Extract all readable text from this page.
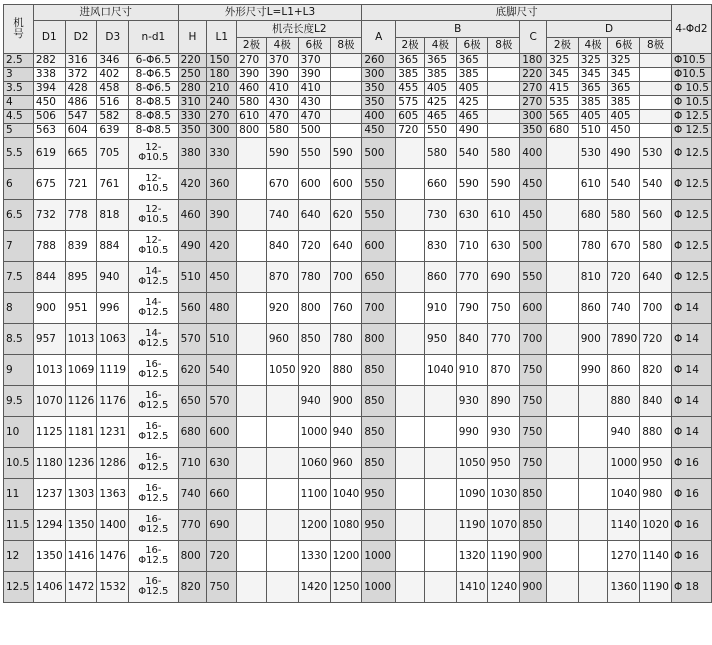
机
号	进风口尺寸				外形尺寸L=L1+L3						底脚尺寸										4-Φd2
	D1	D2	D3	n-d1	H	L1	机壳长度L2				A	B				C	D				
							2极	4极	6极	8极		2极	4极	6极	8极		2极	4极	6极	8极	
2.5	282	316	346	6-Φ6.5	220	150	270	370	370		260	365	365	365		180	325	325	325		Φ10.5
3	338	372	402	8-Φ6.5	250	180	390	390	390		300	385	385	385		220	345	345	345		Φ10.5
3.5	394	428	458	8-Φ6.5	280	210	460	410	410		350	455	405	405		270	415	365	365		Φ 10.5
4	450	486	516	8-Φ8.5	310	240	580	430	430		350	575	425	425		270	535	385	385		Φ 10.5
4.5	506	547	582	8-Φ8.5	330	270	610	470	470		400	605	465	465		300	565	405	405		Φ 12.5
5	563	604	639	8-Φ8.5	350	300	800	580	500		450	720	550	490		350	680	510	450		Φ 12.5
5.5	619	665	705	12-Φ10.5	380	330		590	550	590	500		580	540	580	400		530	490	530	Φ 12.5
6	675	721	761	12-Φ10.5	420	360		670	600	600	550		660	590	590	450		610	540	540	Φ 12.5
6.5	732	778	818	12-Φ10.5	460	390		740	640	620	550		730	630	610	450		680	580	560	Φ 12.5
7	788	839	884	12-Φ10.5	490	420		840	720	640	600		830	710	630	500		780	670	580	Φ 12.5
7.5	844	895	940	14-Φ12.5	510	450		870	780	700	650		860	770	690	550		810	720	640	Φ 12.5
8	900	951	996	14-Φ12.5	560	480		920	800	760	700		910	790	750	600		860	740	700	Φ 14
8.5	957	1013	1063	14-Φ12.5	570	510		960	850	780	800		950	840	770	700		900	7890	720	Φ 14
9	1013	1069	1119	16-Φ12.5	620	540		1050	920	880	850		1040	910	870	750		990	860	820	Φ 14
9.5	1070	1126	1176	16-Φ12.5	650	570			940	900	850			930	890	750			880	840	Φ 14
10	1125	1181	1231	16-Φ12.5	680	600			1000	940	850			990	930	750			940	880	Φ 14
10.5	1180	1236	1286	16-Φ12.5	710	630			1060	960	850			1050	950	750			1000	950	Φ 16
11	1237	1303	1363	16-Φ12.5	740	660			1100	1040	950			1090	1030	850			1040	980	Φ 16
11.5	1294	1350	1400	16-Φ12.5	770	690			1200	1080	950			1190	1070	850			1140	1020	Φ 16
12	1350	1416	1476	16-Φ12.5	800	720			1330	1200	1000			1320	1190	900			1270	1140	Φ 16
12.5	1406	1472	1532	16-Φ12.5	820	750			1420	1250	1000			1410	1240	900			1360	1190	Φ 18
